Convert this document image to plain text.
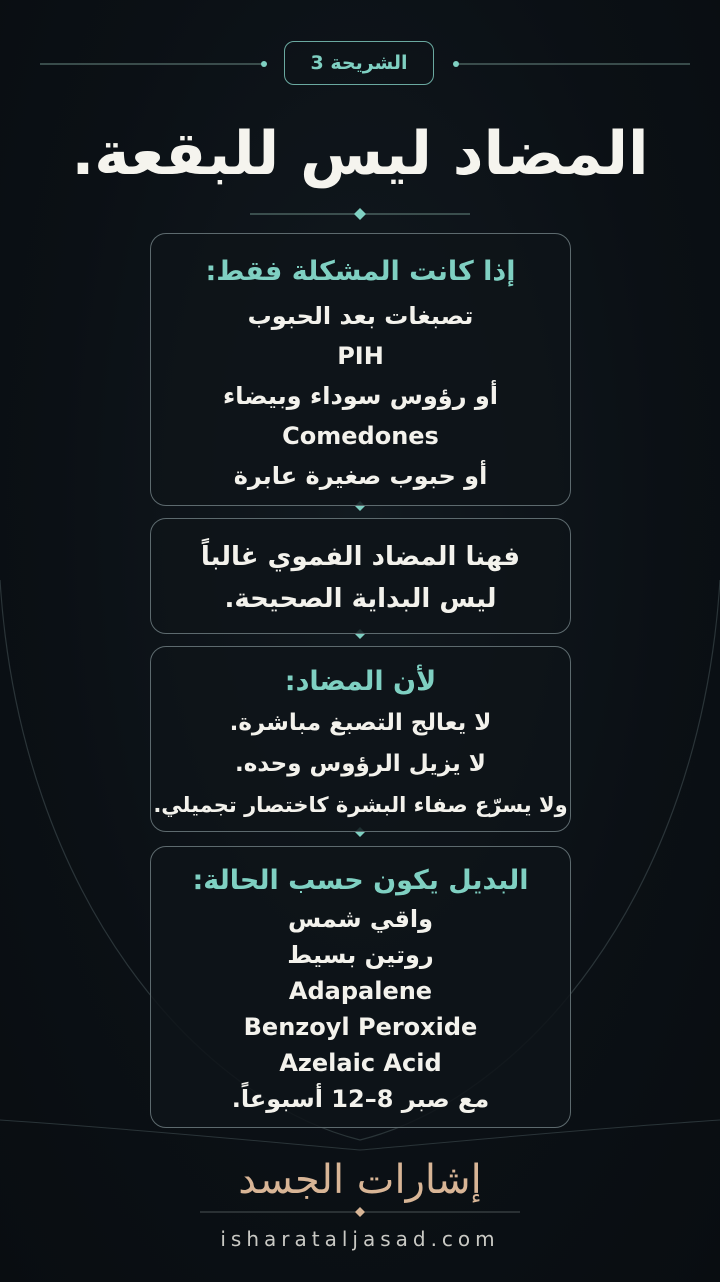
الشريحة 3
المضاد ليس للبقعة.
إذا كانت المشكلة فقط:
تصبغات بعد الحبوب
PIH
أو رؤوس سوداء وبيضاء
Comedones
أو حبوب صغيرة عابرة
فهنا المضاد الفموي غالباً
ليس البداية الصحيحة.
لأن المضاد:
لا يعالج التصبغ مباشرة.
لا يزيل الرؤوس وحده.
ولا يسرّع صفاء البشرة كاختصار تجميلي.
البديل يكون حسب الحالة:
واقي شمس
روتين بسيط
Adapalene
Benzoyl Peroxide
Azelaic Acid
مع صبر 8–12 أسبوعاً.
إشارات الجسد
isharataljasad.com
